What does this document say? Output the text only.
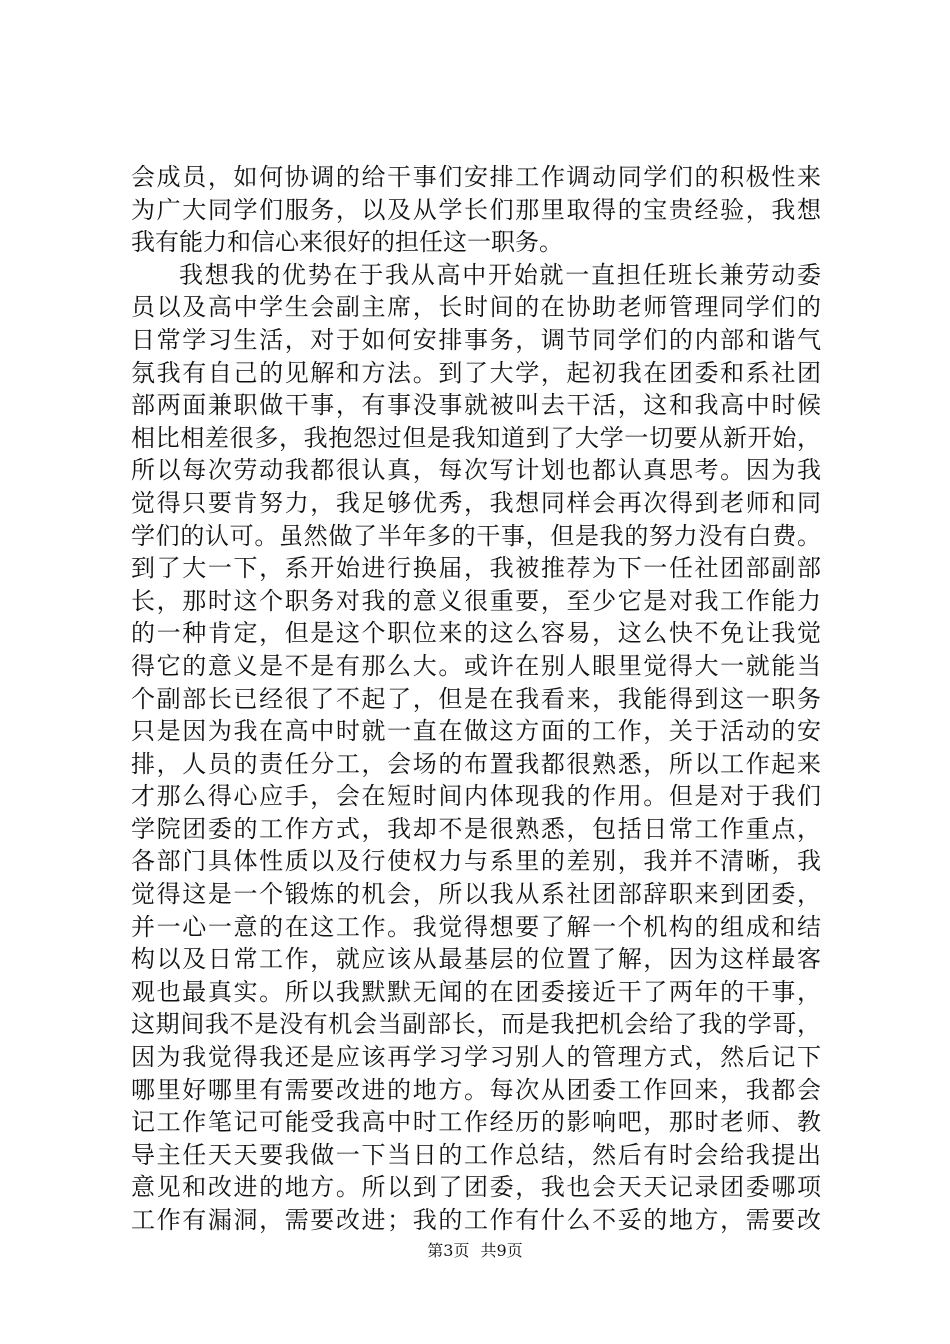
会成员，如何协调的给干事们安排工作调动同学们的积极性来
为广大同学们服务，以及从学长们那里取得的宝贵经验，我想
我有能力和信心来很好的担任这一职务。
我想我的优势在于我从高中开始就一直担任班长兼劳动委
员以及高中学生会副主席，长时间的在协助老师管理同学们的
日常学习生活，对于如何安排事务，调节同学们的内部和谐气
氛我有自己的见解和方法。到了大学，起初我在团委和系社团
部两面兼职做干事，有事没事就被叫去干活，这和我高中时候
相比相差很多，我抱怨过但是我知道到了大学一切要从新开始，
所以每次劳动我都很认真，每次写计划也都认真思考。因为我
觉得只要肯努力，我足够优秀，我想同样会再次得到老师和同
学们的认可。虽然做了半年多的干事，但是我的努力没有白费。
到了大一下，系开始进行换届，我被推荐为下一任社团部副部
长，那时这个职务对我的意义很重要，至少它是对我工作能力
的一种肯定，但是这个职位来的这么容易，这么快不免让我觉
得它的意义是不是有那么大。或许在别人眼里觉得大一就能当
个副部长已经很了不起了，但是在我看来，我能得到这一职务
只是因为我在高中时就一直在做这方面的工作，关于活动的安
排，人员的责任分工，会场的布置我都很熟悉，所以工作起来
才那么得心应手，会在短时间内体现我的作用。但是对于我们
学院团委的工作方式，我却不是很熟悉，包括日常工作重点，
各部门具体性质以及行使权力与系里的差别，我并不清晰，我
觉得这是一个锻炼的机会，所以我从系社团部辞职来到团委，
并一心一意的在这工作。我觉得想要了解一个机构的组成和结
构以及日常工作，就应该从最基层的位置了解，因为这样最客
观也最真实。所以我默默无闻的在团委接近干了两年的干事，
这期间我不是没有机会当副部长，而是我把机会给了我的学哥，
因为我觉得我还是应该再学习学习别人的管理方式，然后记下
哪里好哪里有需要改进的地方。每次从团委工作回来，我都会
记工作笔记可能受我高中时工作经历的影响吧，那时老师、教
导主任天天要我做一下当日的工作总结，然后有时会给我提出
意见和改进的地方。所以到了团委，我也会天天记录团委哪项
工作有漏洞，需要改进；我的工作有什么不妥的地方，需要改
第3页 共9页
